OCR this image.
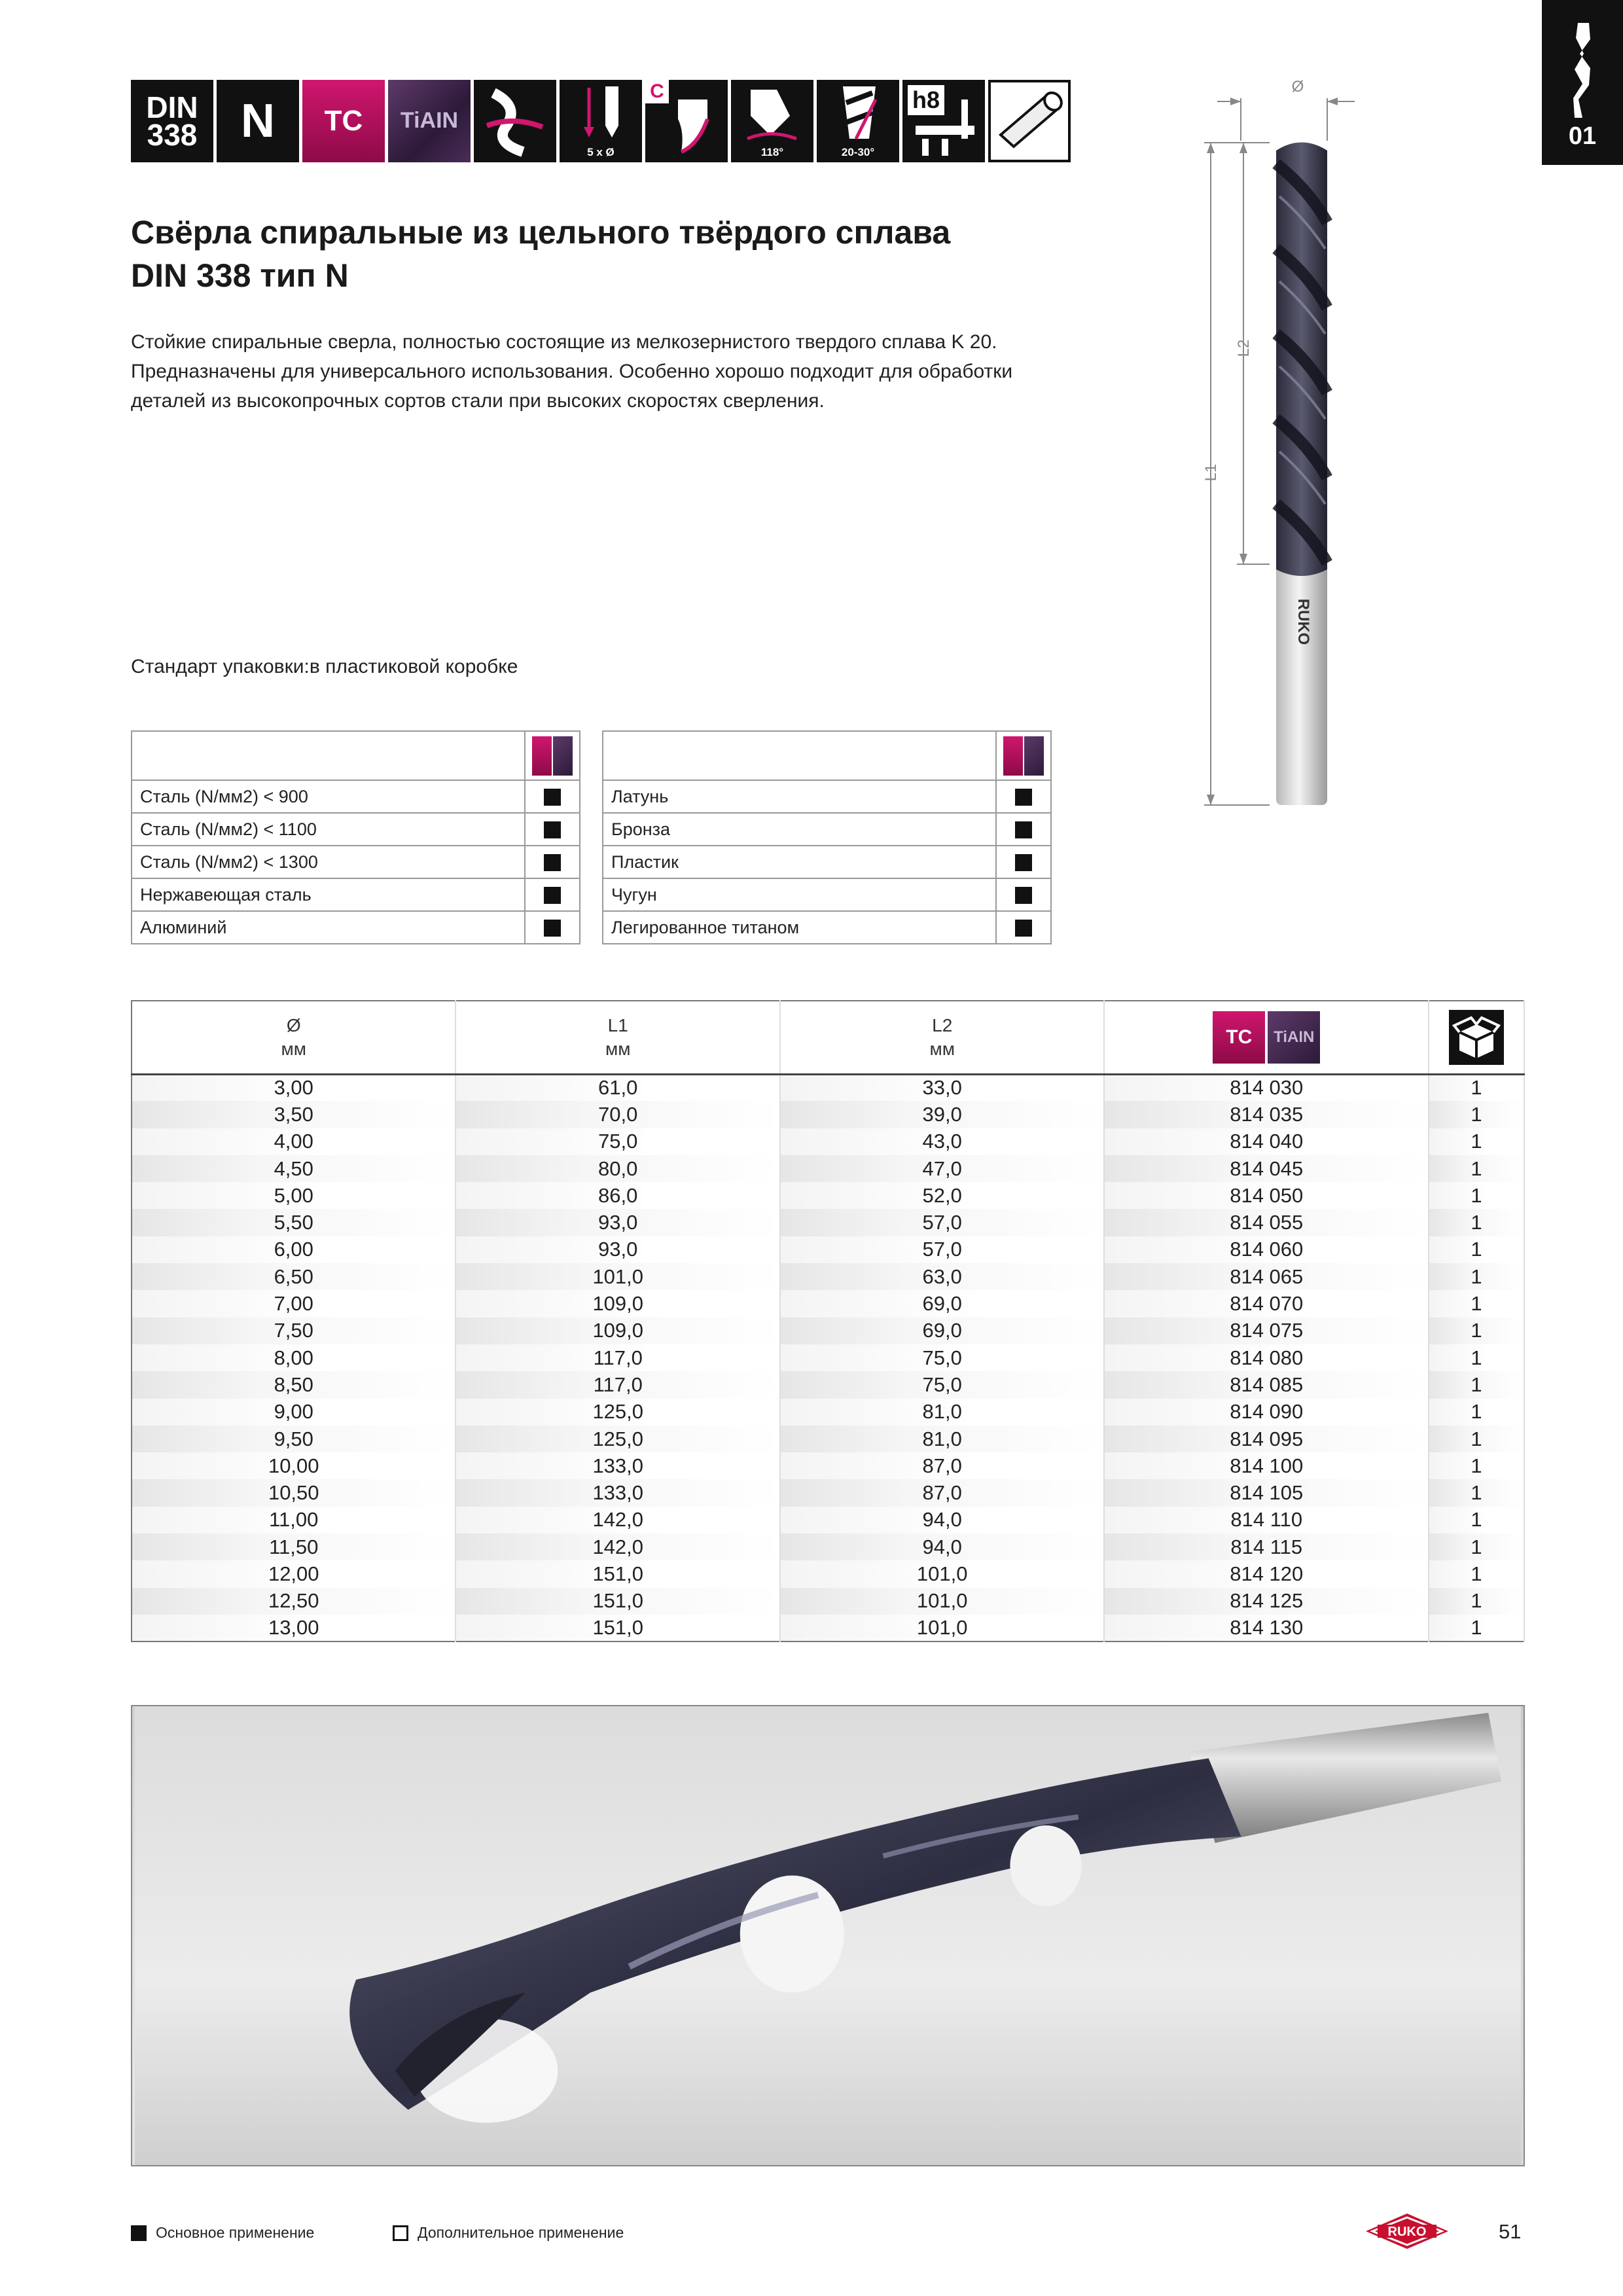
01
DIN
338 N TC TiAIN
5 x Ø
C
118°	20-30°
h8
Свёрла спиральные из цельного твёрдого сплава
DIN 338 тип N
Стойкие спиральные сверла, полностью состоящие из мелкозернистого твердого сплава K 20. Предназначены для универсального использования. Особенно хорошо подходит для обработки деталей из высокопрочных сортов стали при высоких скоростях сверления.
Стандарт упаковки:в пластиковой коробке
Ø
L1
L2
RUKO

Сталь (N/мм2) < 900	
Сталь (N/мм2) < 1100	
Сталь (N/мм2) < 1300	
Нержавеющая сталь	
Алюминий	

Латунь	
Бронза	
Пластик	
Чугун	
Легированное титаном	
Ø
мм	L1
мм	L2
мм	TC TiAIN

3,00	61,0	33,0	814 030	1
3,50	70,0	39,0	814 035	1
4,00	75,0	43,0	814 040	1
4,50	80,0	47,0	814 045	1
5,00	86,0	52,0	814 050	1
5,50	93,0	57,0	814 055	1
6,00	93,0	57,0	814 060	1
6,50	101,0	63,0	814 065	1
7,00	109,0	69,0	814 070	1
7,50	109,0	69,0	814 075	1
8,00	117,0	75,0	814 080	1
8,50	117,0	75,0	814 085	1
9,00	125,0	81,0	814 090	1
9,50	125,0	81,0	814 095	1
10,00	133,0	87,0	814 100	1
10,50	133,0	87,0	814 105	1
11,00	142,0	94,0	814 110	1
11,50	142,0	94,0	814 115	1
12,00	151,0	101,0	814 120	1
12,50	151,0	101,0	814 125	1
13,00	151,0	101,0	814 130	1
Основное применение	Дополнительное применение	RUKO	51
